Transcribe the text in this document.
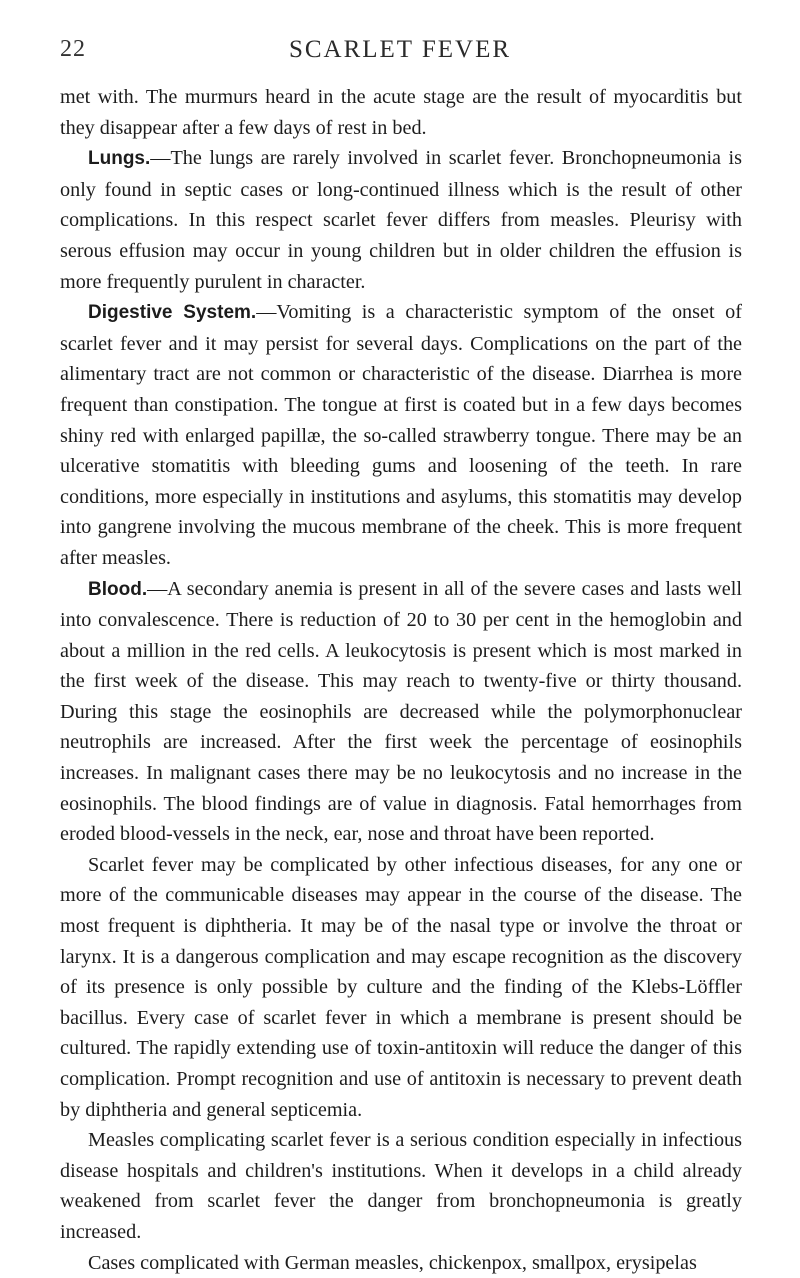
22	SCARLET FEVER

met with. The murmurs heard in the acute stage are the result of myocarditis but they disappear after a few days of rest in bed.

Lungs.—The lungs are rarely involved in scarlet fever. Bronchopneumonia is only found in septic cases or long-continued illness which is the result of other complications. In this respect scarlet fever differs from measles. Pleurisy with serous effusion may occur in young children but in older children the effusion is more frequently purulent in character.

Digestive System.—Vomiting is a characteristic symptom of the onset of scarlet fever and it may persist for several days. Complications on the part of the alimentary tract are not common or characteristic of the disease. Diarrhea is more frequent than constipation. The tongue at first is coated but in a few days becomes shiny red with enlarged papillæ, the so-called strawberry tongue. There may be an ulcerative stomatitis with bleeding gums and loosening of the teeth. In rare conditions, more especially in institutions and asylums, this stomatitis may develop into gangrene involving the mucous membrane of the cheek. This is more frequent after measles.

Blood.—A secondary anemia is present in all of the severe cases and lasts well into convalescence. There is reduction of 20 to 30 per cent in the hemoglobin and about a million in the red cells. A leukocytosis is present which is most marked in the first week of the disease. This may reach to twenty-five or thirty thousand. During this stage the eosinophils are decreased while the polymorphonuclear neutrophils are increased. After the first week the percentage of eosinophils increases. In malignant cases there may be no leukocytosis and no increase in the eosinophils. The blood findings are of value in diagnosis. Fatal hemorrhages from eroded blood-vessels in the neck, ear, nose and throat have been reported.

Scarlet fever may be complicated by other infectious diseases, for any one or more of the communicable diseases may appear in the course of the disease. The most frequent is diphtheria. It may be of the nasal type or involve the throat or larynx. It is a dangerous complication and may escape recognition as the discovery of its presence is only possible by culture and the finding of the Klebs-Löffler bacillus. Every case of scarlet fever in which a membrane is present should be cultured. The rapidly extending use of toxin-antitoxin will reduce the danger of this complication. Prompt recognition and use of antitoxin is necessary to prevent death by diphtheria and general septicemia.

Measles complicating scarlet fever is a serious condition especially in infectious disease hospitals and children's institutions. When it develops in a child already weakened from scarlet fever the danger from bronchopneumonia is greatly increased.

Cases complicated with German measles, chickenpox, smallpox, erysipelas
